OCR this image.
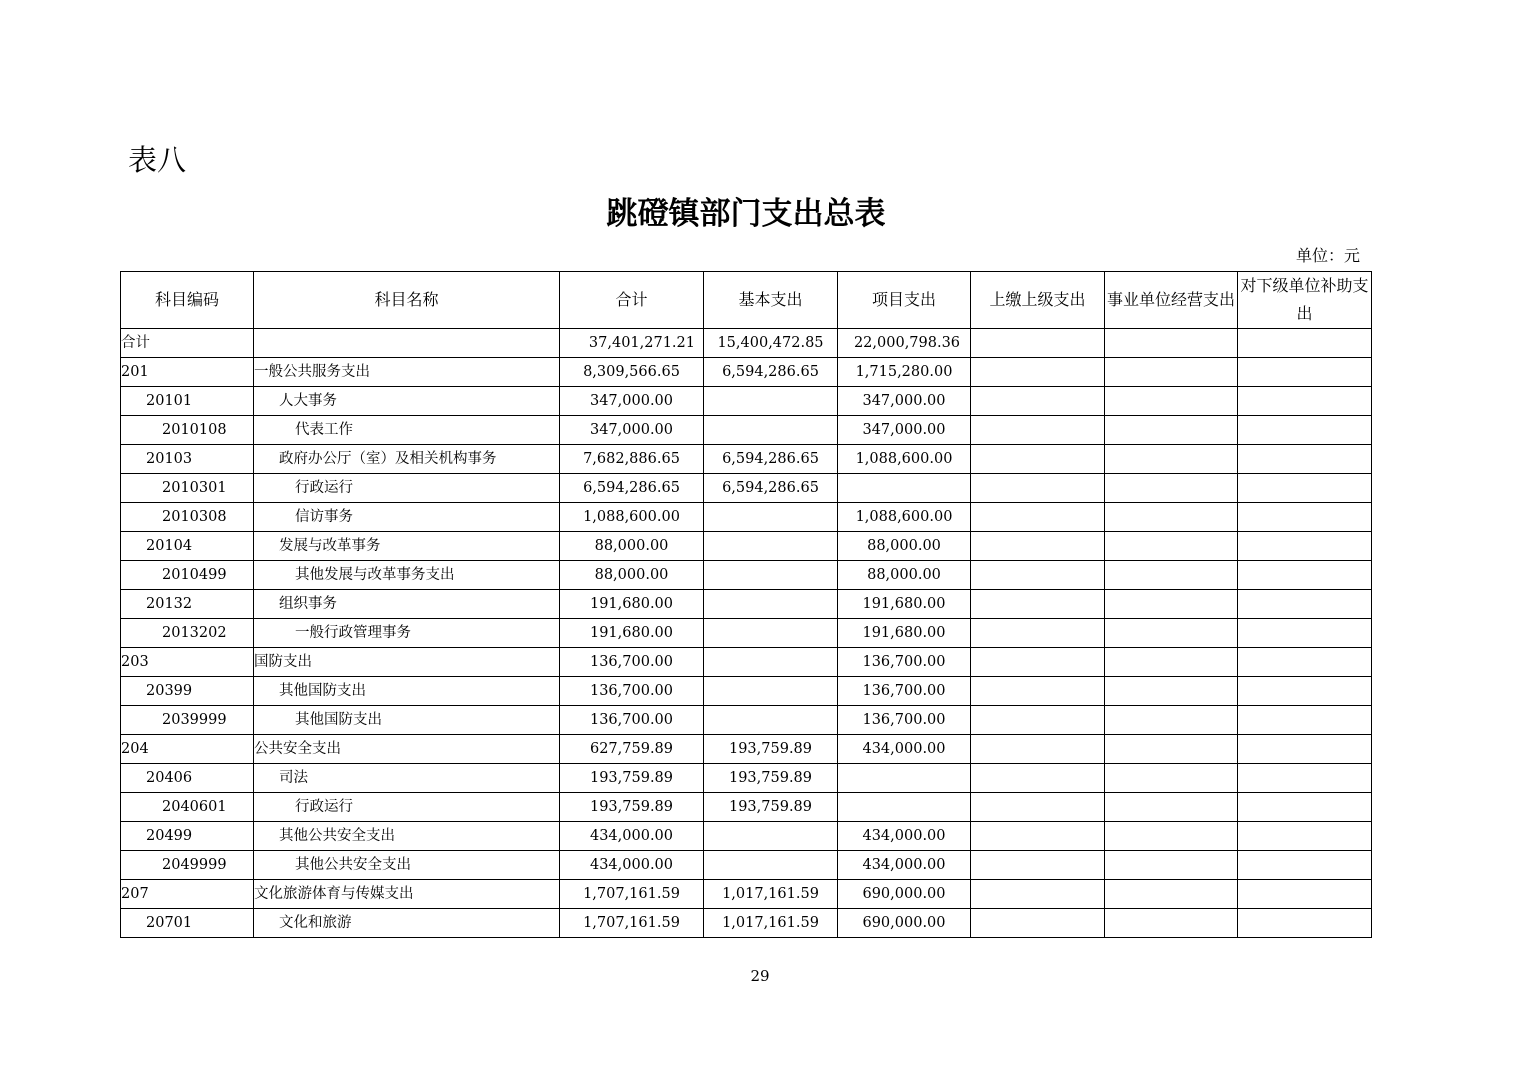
表八
跳磴镇部门支出总表
单位：元
科目编码	科目名称	合计	基本支出	项目支出	上缴上级支出	事业单位经营支出	对下级单位补助支出
合计		37,401,271.21	15,400,472.85	22,000,798.36			
201	一般公共服务支出	8,309,566.65	6,594,286.65	1,715,280.00			
20101	人大事务	347,000.00		347,000.00			
2010108	代表工作	347,000.00		347,000.00			
20103	政府办公厅（室）及相关机构事务	7,682,886.65	6,594,286.65	1,088,600.00			
2010301	行政运行	6,594,286.65	6,594,286.65				
2010308	信访事务	1,088,600.00		1,088,600.00			
20104	发展与改革事务	88,000.00		88,000.00			
2010499	其他发展与改革事务支出	88,000.00		88,000.00			
20132	组织事务	191,680.00		191,680.00			
2013202	一般行政管理事务	191,680.00		191,680.00			
203	国防支出	136,700.00		136,700.00			
20399	其他国防支出	136,700.00		136,700.00			
2039999	其他国防支出	136,700.00		136,700.00			
204	公共安全支出	627,759.89	193,759.89	434,000.00			
20406	司法	193,759.89	193,759.89				
2040601	行政运行	193,759.89	193,759.89				
20499	其他公共安全支出	434,000.00		434,000.00			
2049999	其他公共安全支出	434,000.00		434,000.00			
207	文化旅游体育与传媒支出	1,707,161.59	1,017,161.59	690,000.00			
20701	文化和旅游	1,707,161.59	1,017,161.59	690,000.00			
29
